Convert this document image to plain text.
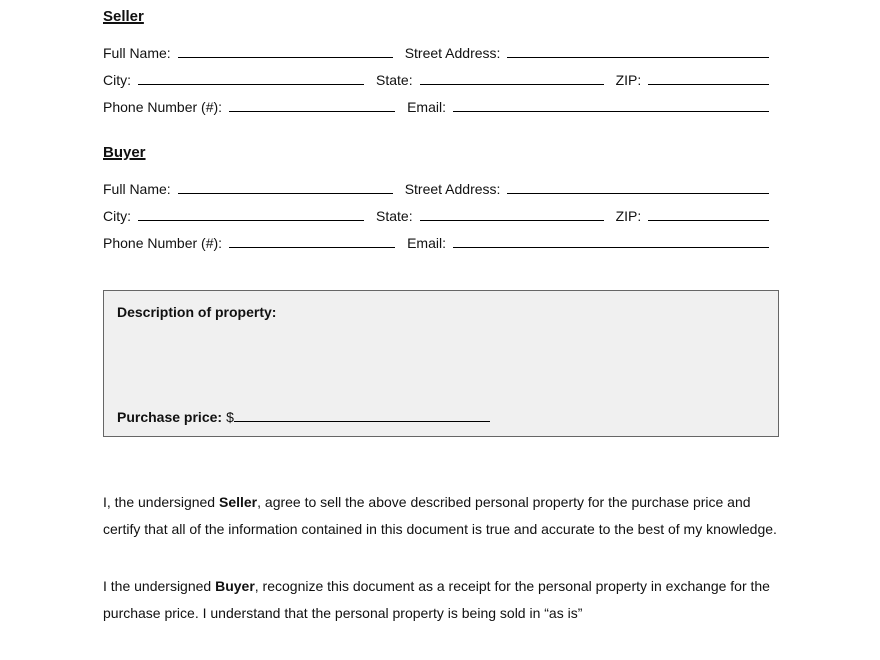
Seller
Full Name:	Street Address:
City:	State:	ZIP:
Phone Number (#):	Email:
Buyer
Full Name:	Street Address:
City:	State:	ZIP:
Phone Number (#):	Email:
Description of property:
Purchase price: $
I, the undersigned Seller, agree to sell the above described personal property for the purchase price and certify that all of the information contained in this document is true and accurate to the best of my knowledge.
I the undersigned Buyer, recognize this document as a receipt for the personal property in exchange for the purchase price. I understand that the personal property is being sold in “as is”
